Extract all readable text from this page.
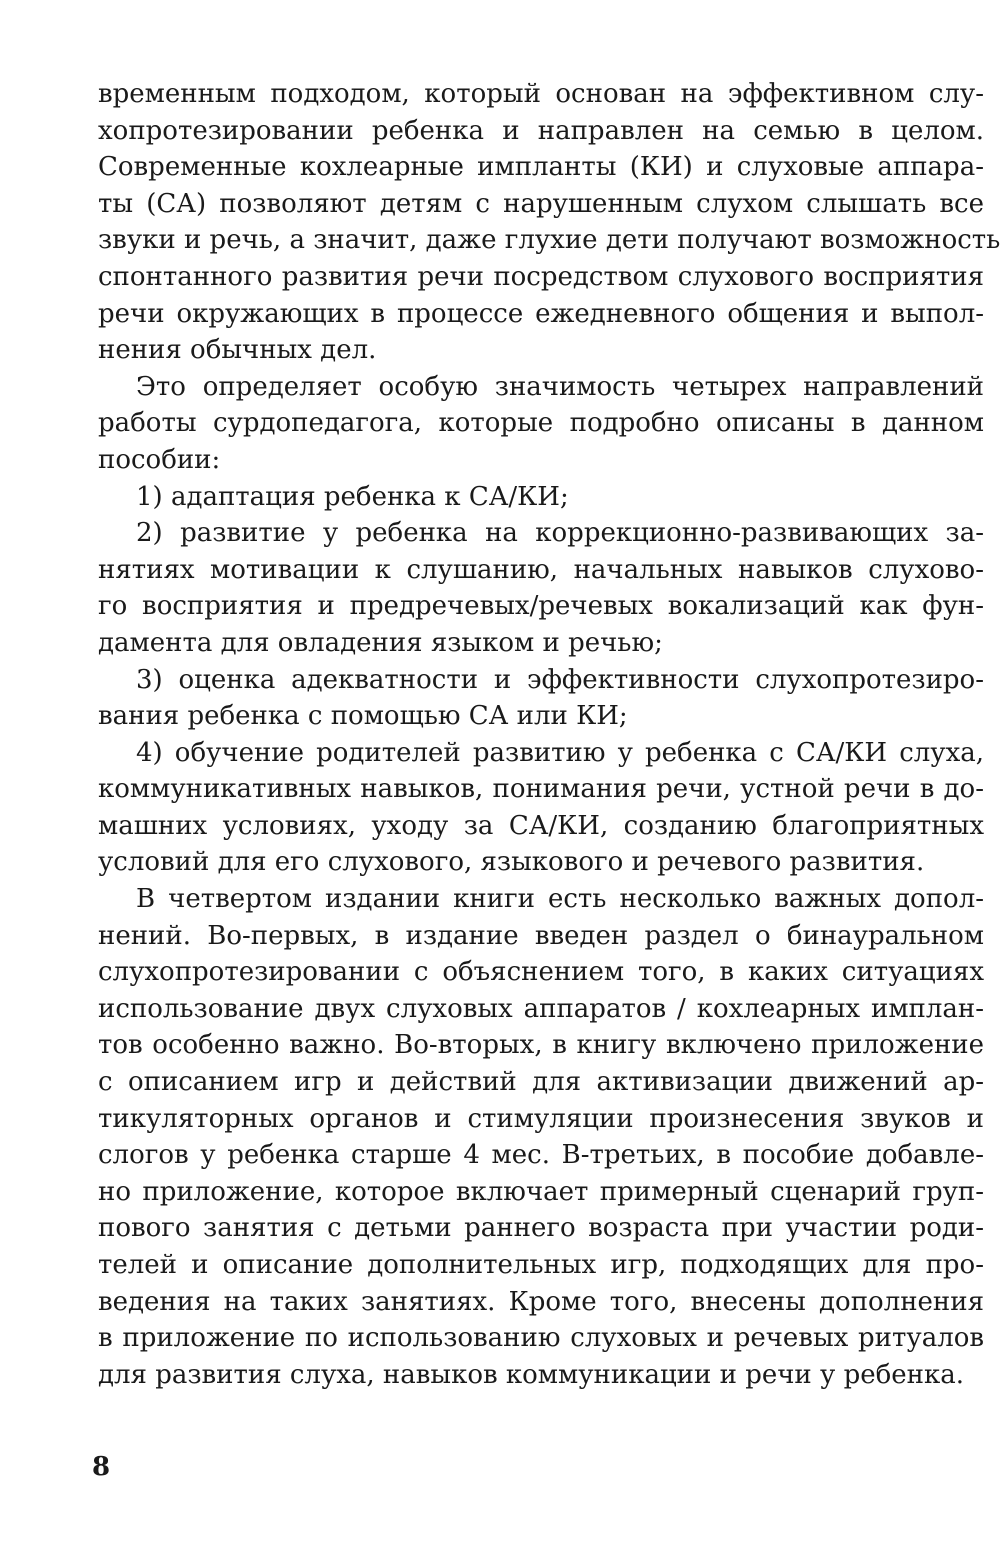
временным подходом, который основан на эффективном слу-
хопротезировании ребенка и направлен на семью в целом.
Современные кохлеарные импланты (КИ) и слуховые аппара-
ты (СА) позволяют детям с нарушенным слухом слышать все
звуки и речь, а значит, даже глухие дети получают возможность
спонтанного развития речи посредством слухового восприятия
речи окружающих в процессе ежедневного общения и выпол-
нения обычных дел.
Это определяет особую значимость четырех направлений
работы сурдопедагога, которые подробно описаны в данном
пособии:
1) адаптация ребенка к СА/КИ;
2) развитие у ребенка на коррекционно-развивающих за-
нятиях мотивации к слушанию, начальных навыков слухово-
го восприятия и предречевых/речевых вокализаций как фун-
дамента для овладения языком и речью;
3) оценка адекватности и эффективности слухопротезиро-
вания ребенка с помощью СА или КИ;
4) обучение родителей развитию у ребенка с СА/КИ слуха,
коммуникативных навыков, понимания речи, устной речи в до-
машних условиях, уходу за СА/КИ, созданию благоприятных
условий для его слухового, языкового и речевого развития.
В четвертом издании книги есть несколько важных допол-
нений. Во-первых, в издание введен раздел о бинауральном
слухопротезировании с объяснением того, в каких ситуациях
использование двух слуховых аппаратов / кохлеарных имплан-
тов особенно важно. Во-вторых, в книгу включено приложение
с описанием игр и действий для активизации движений ар-
тикуляторных органов и стимуляции произнесения звуков и
слогов у ребенка старше 4 мес. В-третьих, в пособие добавле-
но приложение, которое включает примерный сценарий груп-
пового занятия с детьми раннего возраста при участии роди-
телей и описание дополнительных игр, подходящих для про-
ведения на таких занятиях. Кроме того, внесены дополнения
в приложение по использованию слуховых и речевых ритуалов
для развития слуха, навыков коммуникации и речи у ребенка.
8
